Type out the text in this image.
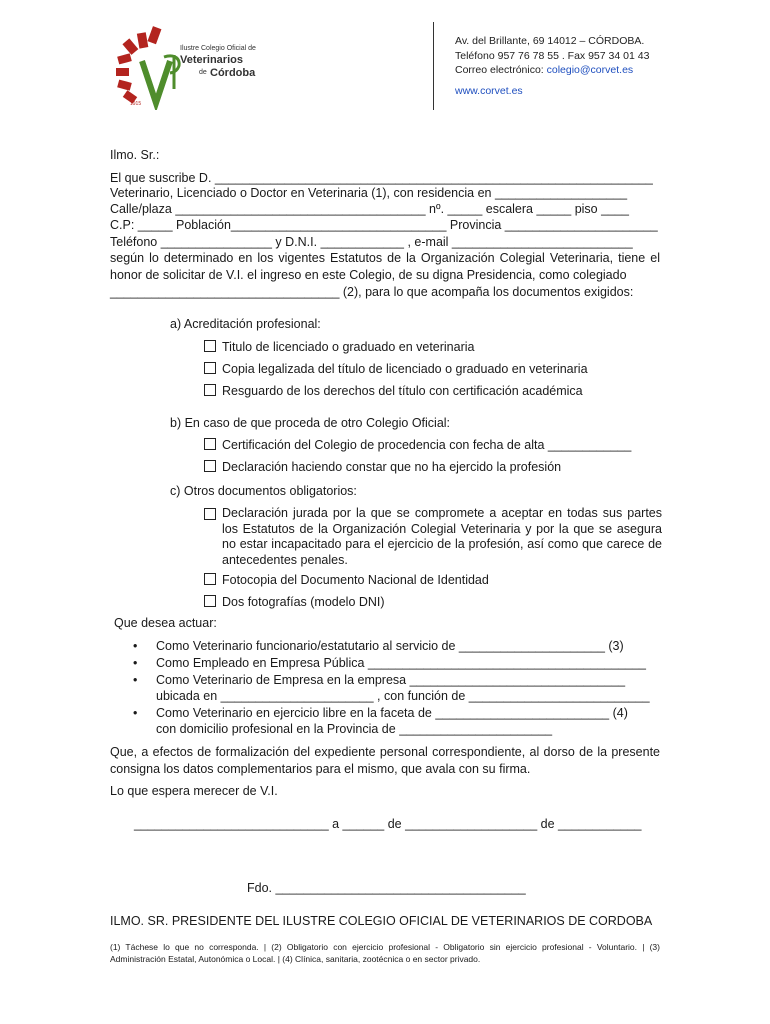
1915
Ilustre Colegio Oficial de
Veterinarios
de Córdoba
Av. del Brillante, 69 14012 – CÓRDOBA.
Teléfono 957 76 78 55 . Fax 957 34 01 43
Correo electrónico: colegio@corvet.es
www.corvet.es
Ilmo. Sr.:
El que suscribe D. _______________________________________________________________
Veterinario, Licenciado o Doctor en Veterinaria (1), con residencia en ___________________
Calle/plaza ____________________________________ nº. _____ escalera _____ piso ____
C.P: _____ Población_______________________________ Provincia ______________________
Teléfono ________________ y D.N.I. ____________ , e-mail __________________________
según lo determinado en los vigentes Estatutos de la Organización Colegial Veterinaria, tiene el honor de solicitar de V.I. el ingreso en este Colegio, de su digna Presidencia, como colegiado
_________________________________ (2), para lo que acompaña los documentos exigidos:
a) Acreditación profesional:
Titulo de licenciado o graduado en veterinaria
Copia legalizada del título de licenciado o graduado en veterinaria
Resguardo de los derechos del título con certificación académica
b) En caso de que proceda de otro Colegio Oficial:
Certificación del Colegio de procedencia con fecha de alta ____________
Declaración haciendo constar que no ha ejercido la profesión
c) Otros documentos obligatorios:
Declaración jurada por la que se compromete a aceptar en todas sus partes los Estatutos de la Organización Colegial Veterinaria y por la que se asegura no estar incapacitado para el ejercicio de la profesión, así como que carece de antecedentes penales.
Fotocopia del Documento Nacional de Identidad
Dos fotografías (modelo DNI)
Que desea actuar:
• Como Veterinario funcionario/estatutario al servicio de _____________________ (3)
• Como Empleado en Empresa Pública ________________________________________
• Como Veterinario de Empresa en la empresa _______________________________
ubicada en ______________________ , con función de __________________________
• Como Veterinario en ejercicio libre en la faceta de _________________________ (4)
con domicilio profesional en la Provincia de ______________________
Que, a efectos de formalización del expediente personal correspondiente, al dorso de la presente consigna los datos complementarios para el mismo, que avala con su firma.
Lo que espera merecer de V.I.
____________________________ a ______ de ___________________ de ____________
Fdo. ____________________________________
ILMO. SR. PRESIDENTE DEL ILUSTRE COLEGIO OFICIAL DE VETERINARIOS DE CORDOBA
(1) Táchese lo que no corresponda. | (2) Obligatorio con ejercicio profesional - Obligatorio sin ejercicio profesional - Voluntario. | (3) Administración Estatal, Autonómica o Local. | (4) Clínica, sanitaria, zootécnica o en sector privado.
